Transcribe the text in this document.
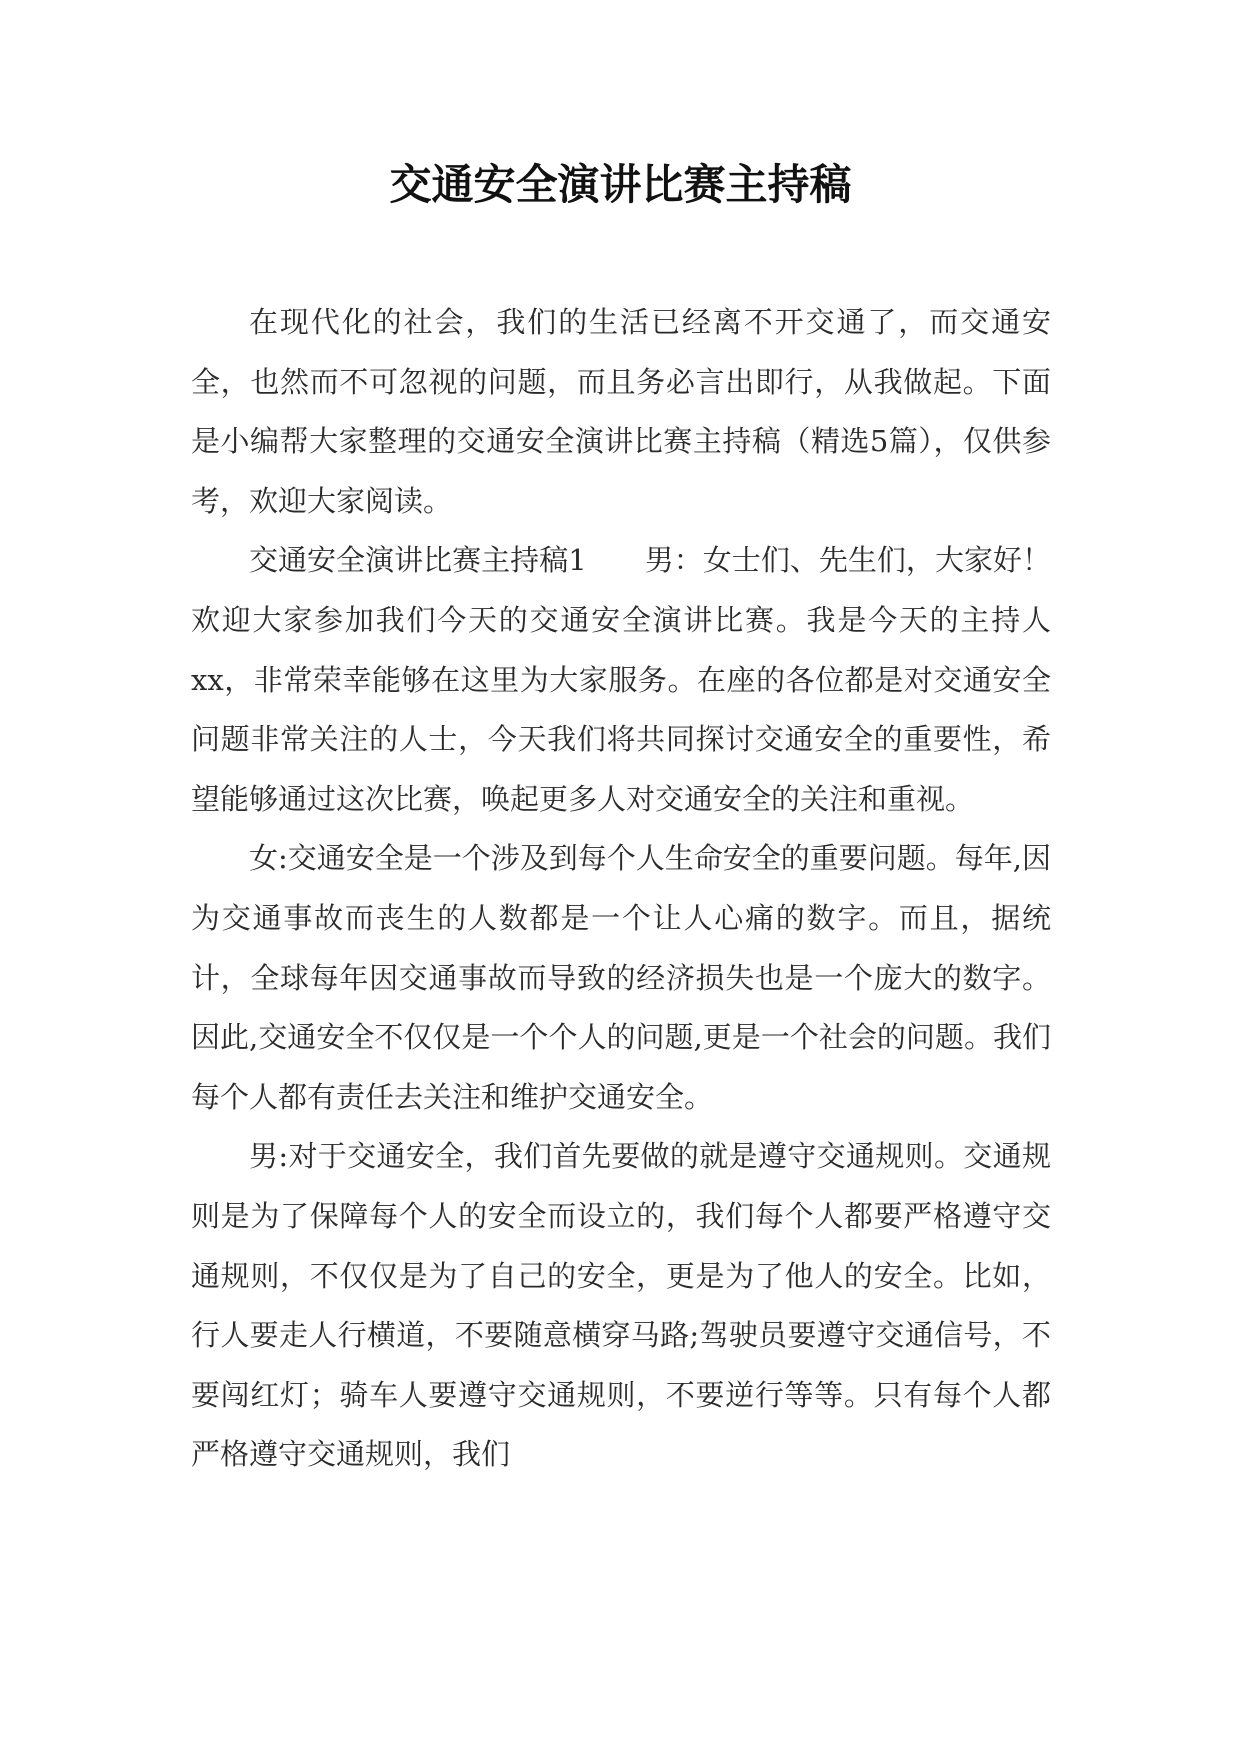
交通安全演讲比赛主持稿

在现代化的社会，我们的生活已经离不开交通了，而交通安全，也然而不可忽视的问题，而且务必言出即行，从我做起。下面是小编帮大家整理的交通安全演讲比赛主持稿（精选5篇），仅供参考，欢迎大家阅读。

交通安全演讲比赛主持稿1　　男：女士们、先生们，大家好！欢迎大家参加我们今天的交通安全演讲比赛。我是今天的主持人xx，非常荣幸能够在这里为大家服务。在座的各位都是对交通安全问题非常关注的人士，今天我们将共同探讨交通安全的重要性，希望能够通过这次比赛，唤起更多人对交通安全的关注和重视。

女:交通安全是一个涉及到每个人生命安全的重要问题。每年,因为交通事故而丧生的人数都是一个让人心痛的数字。而且，据统计，全球每年因交通事故而导致的经济损失也是一个庞大的数字。因此,交通安全不仅仅是一个个人的问题,更是一个社会的问题。我们每个人都有责任去关注和维护交通安全。

男:对于交通安全，我们首先要做的就是遵守交通规则。交通规则是为了保障每个人的安全而设立的，我们每个人都要严格遵守交通规则，不仅仅是为了自己的安全，更是为了他人的安全。比如，行人要走人行横道，不要随意横穿马路;驾驶员要遵守交通信号，不要闯红灯；骑车人要遵守交通规则，不要逆行等等。只有每个人都严格遵守交通规则，我们
